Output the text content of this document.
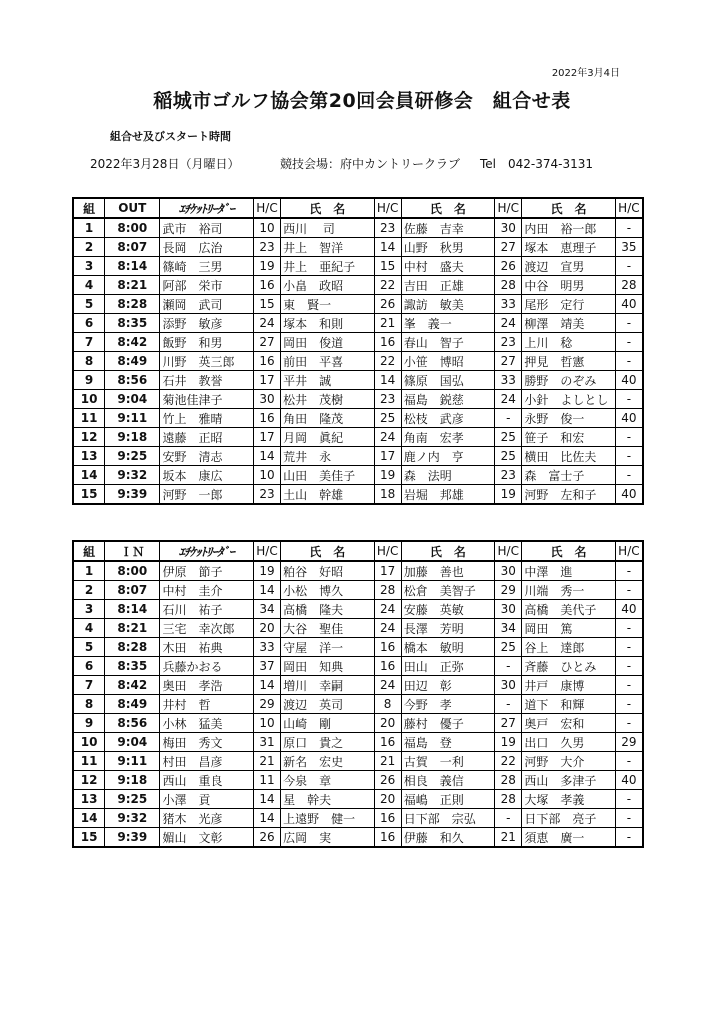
2022年3月4日
稲城市ゴルフ協会第20回会員研修会　組合せ表
組合せ及びスタート時間
2022年3月28日（月曜日）	競技会場：府中カントリークラブ	Tel　042-374-3131
組	OUT	ｴﾁｹｯﾄﾘｰﾀﾞｰ	H/C	氏　名	H/C	氏　名	H/C	氏　名	H/C
1	8:00	武市　裕司	10	西川　 司	23	佐藤　吉幸	30	内田　裕一郎	-
2	8:07	長岡　広治	23	井上　智洋	14	山野　秋男	27	塚本　恵理子	35
3	8:14	篠崎　三男	19	井上　亜紀子	15	中村　盛夫	26	渡辺　宣男	-
4	8:21	阿部　栄市	16	小畠　政昭	22	吉田　正雄	28	中谷　明男	28
5	8:28	瀬岡　武司	15	東　賢一	26	諏訪　敏美	33	尾形　定行	40
6	8:35	添野　敏彦	24	塚本　和則	21	峯　義一	24	柳澤　靖美	-
7	8:42	飯野　和男	27	岡田　俊道	16	春山　智子	23	上川　稔	-
8	8:49	川野　英三郎	16	前田　平喜	22	小笹　博昭	27	押見　哲憲	-
9	8:56	石井　教誉	17	平井　誠	14	篠原　国弘	33	勝野　のぞみ	40
10	9:04	菊池佳津子	30	松井　茂樹	23	福島　鋭慈	24	小針　よしとし	-
11	9:11	竹上　雅晴	16	角田　隆茂	25	松枝　武彦	-	永野　俊一	40
12	9:18	遠藤　正昭	17	月岡　眞紀	24	角南　宏孝	25	笹子　和宏	-
13	9:25	安野　清志	14	荒井　永	17	鹿ノ内　亨	25	横田　比佐夫	-
14	9:32	坂本　康広	10	山田　美佳子	19	森　法明	23	森　富士子	-
15	9:39	河野　一郎	23	土山　幹雄	18	岩堀　邦雄	19	河野　左和子	40
組	ＩＮ	ｴﾁｹｯﾄﾘｰﾀﾞｰ	H/C	氏　名	H/C	氏　名	H/C	氏　名	H/C
1	8:00	伊原　節子	19	粕谷　好昭	17	加藤　善也	30	中澤　進	-
2	8:07	中村　圭介	14	小松　博久	28	松倉　美智子	29	川端　秀一	-
3	8:14	石川　祐子	34	高橋　隆夫	24	安藤　英敏	30	高橋　美代子	40
4	8:21	三宅　幸次郎	20	大谷　聖佳	24	長澤　芳明	34	岡田　篤	-
5	8:28	木田　祐典	33	守屋　洋一	16	橋本　敏明	25	谷上　達郎	-
6	8:35	兵藤かおる	37	岡田　知典	16	田山　正弥	-	斉藤　ひとみ	-
7	8:42	奥田　孝浩	14	増川　幸嗣	24	田辺　彰	30	井戸　康博	-
8	8:49	井村　哲	29	渡辺　英司	8	今野　孝	-	道下　和輝	-
9	8:56	小林　猛美	10	山崎　剛	20	藤村　優子	27	奥戸　宏和	-
10	9:04	梅田　秀文	31	原口　貴之	16	福島　登	19	出口　久男	29
11	9:11	村田　昌彦	21	新名　宏史	21	古賀　一利	22	河野　大介	-
12	9:18	西山　重良	11	今泉　章	26	相良　義信	28	西山　多津子	40
13	9:25	小澤　貢	14	星　幹夫	20	福嶋　正則	28	大塚　孝義	-
14	9:32	猪木　光彦	14	上遠野　健一	16	日下部　宗弘	-	日下部　亮子	-
15	9:39	媚山　文彰	26	広岡　実	16	伊藤　和久	21	須恵　廣一	-
